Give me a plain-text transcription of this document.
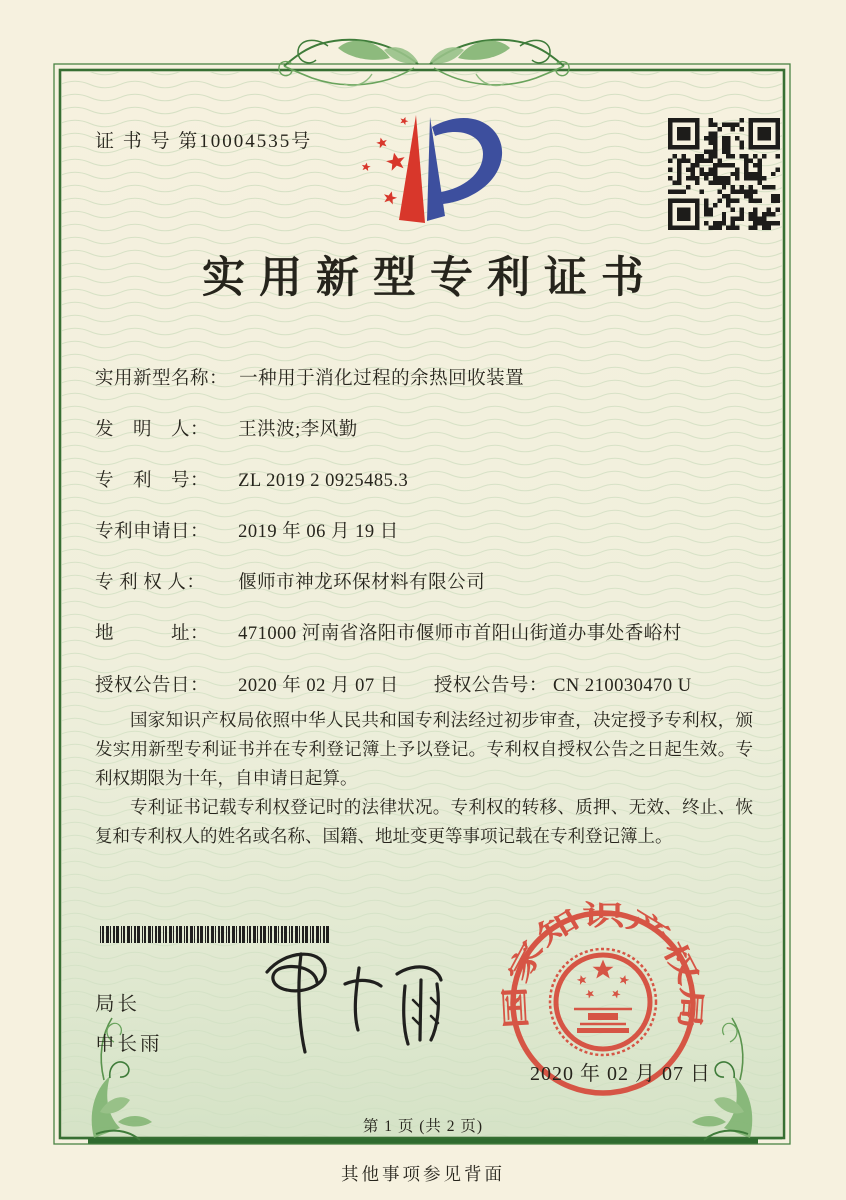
证 书 号 第10004535号
实用新型专利证书
实用新型名称： 一种用于消化过程的余热回收装置
发　明　人： 王洪波;李风勤
专　利　号： ZL 2019 2 0925485.3
专利申请日： 2019 年 06 月 19 日
专 利 权 人： 偃师市神龙环保材料有限公司
地　　　址： 471000 河南省洛阳市偃师市首阳山街道办事处香峪村
授权公告日： 2020 年 02 月 07 日 授权公告号： CN 210030470 U

国家知识产权局依照中华人民共和国专利法经过初步审查，决定授予专利权，颁发实用新型专利证书并在专利登记簿上予以登记。专利权自授权公告之日起生效。专利权期限为十年，自申请日起算。

专利证书记载专利权登记时的法律状况。专利权的转移、质押、无效、终止、恢复和专利权人的姓名或名称、国籍、地址变更等事项记载在专利登记簿上。

局长
申长雨
国家知识产权局
2020 年 02 月 07 日
第 1 页 (共 2 页)
其他事项参见背面
